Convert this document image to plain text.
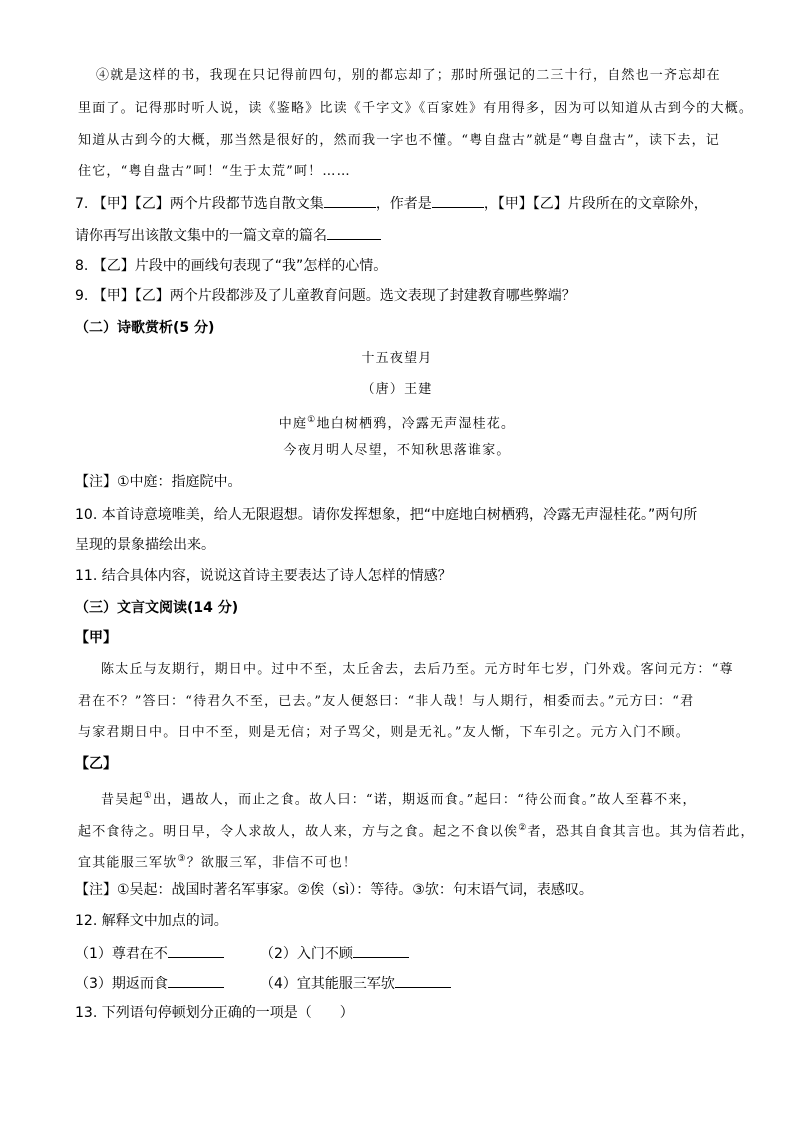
④就是这样的书，我现在只记得前四句，别的都忘却了；那时所强记的二三十行，自然也一齐忘却在
里面了。记得那时听人说，读《鉴略》比读《千字文》《百家姓》有用得多，因为可以知道从古到今的大概。
知道从古到今的大概，那当然是很好的，然而我一字也不懂。“粤自盘古”就是“粤自盘古”，读下去，记
住它，“粤自盘古”呵！“生于太荒”呵！……
7. 【甲】【乙】两个片段都节选自散文集	，作者是	，【甲】【乙】片段所在的文章除外，
请你再写出该散文集中的一篇文章的篇名
8. 【乙】片段中的画线句表现了“我”怎样的心情。
9. 【甲】【乙】两个片段都涉及了儿童教育问题。选文表现了封建教育哪些弊端？
（二）诗歌赏析(5 分)
十五夜望月
（唐）王建
中庭①地白树栖鸦，冷露无声湿桂花。
今夜月明人尽望，不知秋思落谁家。
【注】①中庭：指庭院中。
10. 本首诗意境唯美，给人无限遐想。请你发挥想象，把“中庭地白树栖鸦，冷露无声湿桂花。”两句所
呈现的景象描绘出来。
11. 结合具体内容，说说这首诗主要表达了诗人怎样的情感？
（三）文言文阅读(14 分)
【甲】
陈太丘与友期行，期日中。过中不至，太丘舍去，去后乃至。元方时年七岁，门外戏。客问元方：“尊
君在不？”答曰：“待君久不至，已去。”友人便怒曰：“非人哉！与人期行，相委而去。”元方曰：“君
与家君期日中。日中不至，则是无信；对子骂父，则是无礼。”友人惭，下车引之。元方入门不顾。
【乙】
昔吴起①出，遇故人，而止之食。故人曰：“诺，期返而食。”起曰：“待公而食。”故人至暮不来，
起不食待之。明日早，令人求故人，故人来，方与之食。起之不食以俟②者，恐其自食其言也。其为信若此，
宜其能服三军欤③？欲服三军，非信不可也！
【注】①吴起：战国时著名军事家。②俟（sì）：等待。③欤：句末语气词，表感叹。
12. 解释文中加点的词。
（1）尊君在不	（2）入门不顾
（3）期返而食	（4）宜其能服三军欤
13. 下列语句停顿划分正确的一项是（　　）
